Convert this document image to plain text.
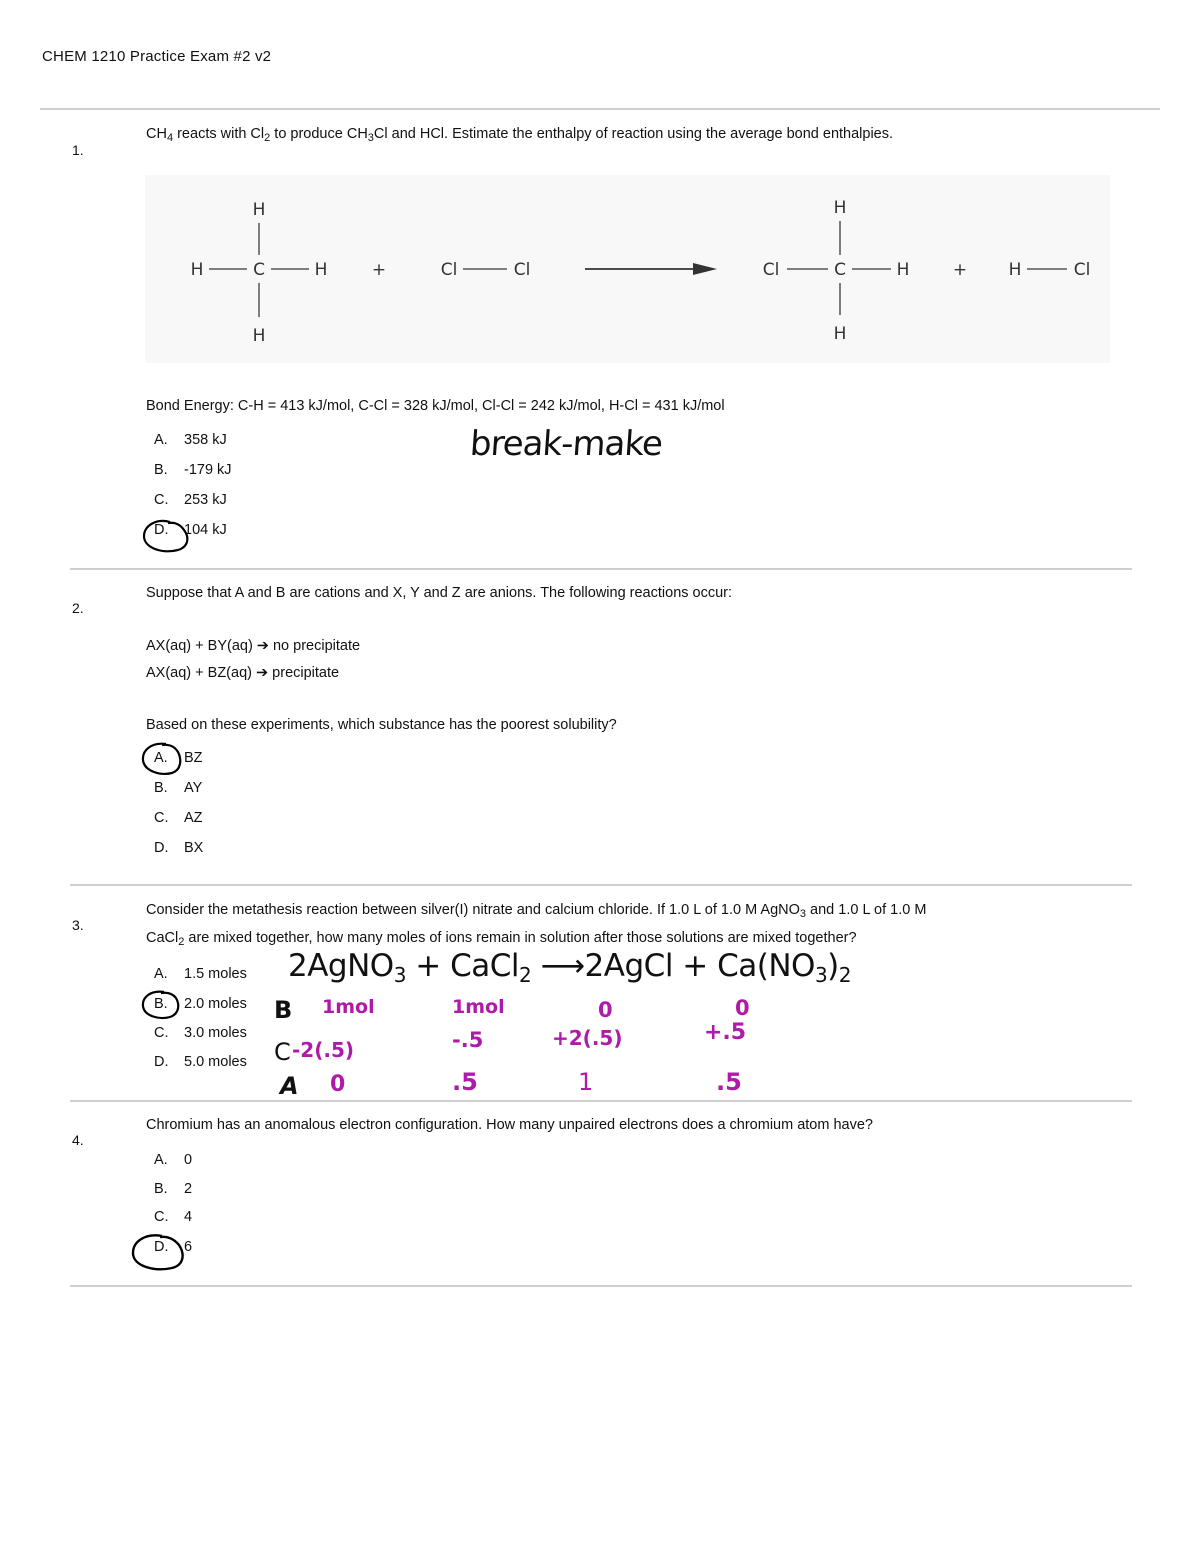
CHEM 1210 Practice Exam #2 v2
1.
$CH_4$ reacts with $Cl_2$ to produce $CH_3Cl$ and HCl. Estimate the enthalpy of reaction using the average bond enthalpies.
H
H	C	H
H
+	Cl	Cl
H
Cl	C	H
H
+ H	Cl
Bond Energy: C-H = 413 kJ/mol, C-Cl = 328 kJ/mol, Cl-Cl = 242 kJ/mol, H-Cl = 431 kJ/mol
A. 358 kJ
B. -179 kJ
C. 253 kJ
D. 104 kJ
break-make
2.
Suppose that A and B are cations and X, Y and Z are anions. The following reactions occur:
AX(aq) + BY(aq) ➔ no precipitate
AX(aq) + BZ(aq) ➔ precipitate
Based on these experiments, which substance has the poorest solubility?
A. BZ
B. AY
C. AZ
D. BX
3.
Consider the metathesis reaction between silver(I) nitrate and calcium chloride. If 1.0 L of 1.0 M AgNO$_3$ and 1.0 L of 1.0 M
CaCl$_2$ are mixed together, how many moles of ions remain in solution after those solutions are mixed together?
A. 1.5 moles
B. 2.0 moles
C. 3.0 moles
D. 5.0 moles
2AgNO3 + CaCl2 ⟶2AgCl + Ca(NO3)2
B
C
A
1mol	1mol	0	0
-2(.5)	-.5	+2(.5)	+.5
0	.5	1	.5
4.
Chromium has an anomalous electron configuration. How many unpaired electrons does a chromium atom have?
A. 0
B. 2
C. 4
D. 6
